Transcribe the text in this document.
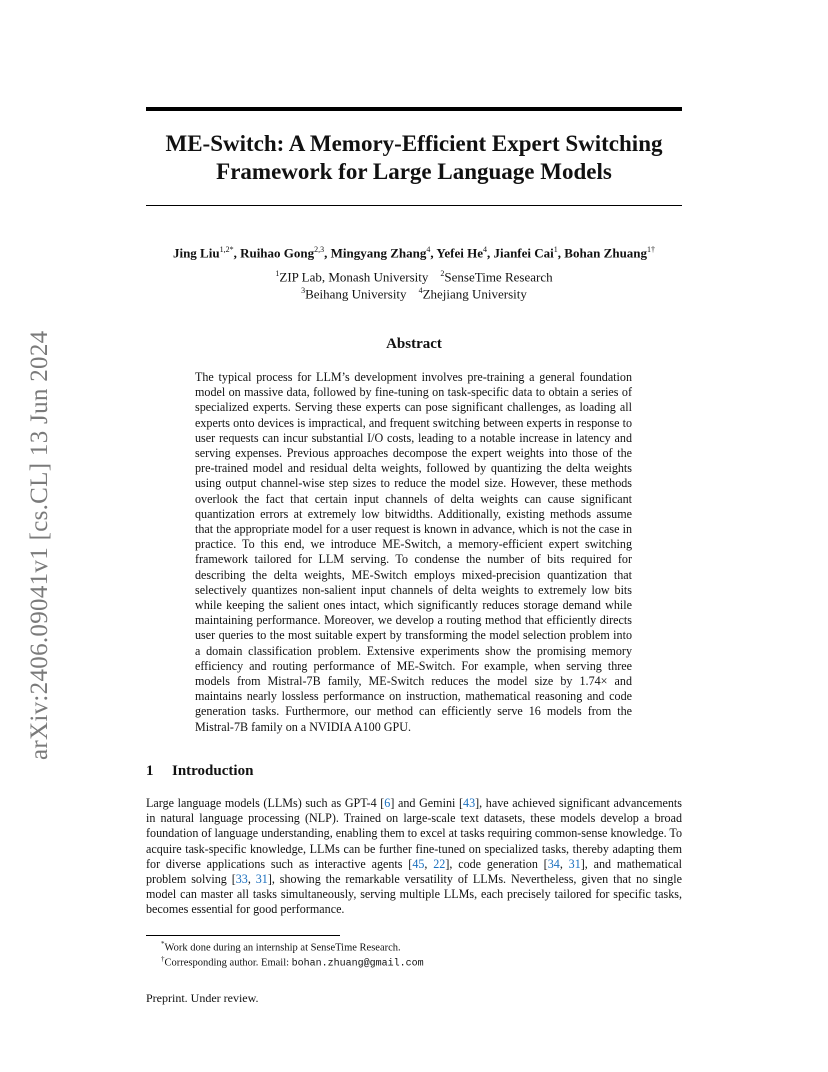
ME-Switch: A Memory-Efficient Expert Switching
Framework for Large Language Models
Jing Liu$^{1,2*}$, Ruihao Gong$^{2,3}$, Mingyang Zhang$^4$, Yefei He$^4$, Jianfei Cai$^1$, Bohan Zhuang$^{1\dagger}$
$^1$ZIP Lab, Monash University $^2$SenseTime Research
$^3$Beihang University $^4$Zhejiang University
arXiv:2406.09041v1 [cs.CL] 13 Jun 2024	Abstract

The typical process for LLM’s development involves pre-training a general foundation model on massive data, followed by fine-tuning on task-specific data to obtain a series of specialized experts. Serving these experts can pose significant challenges, as loading all experts onto devices is impractical, and frequent switching between experts in response to user requests can incur substantial I/O costs, leading to a notable increase in latency and serving expenses. Previous approaches decompose the expert weights into those of the pre-trained model and residual delta weights, followed by quantizing the delta weights using output channel-wise step sizes to reduce the model size. However, these methods overlook the fact that certain input channels of delta weights can cause significant quantization errors at extremely low bitwidths. Additionally, existing methods assume that the appropriate model for a user request is known in advance, which is not the case in practice. To this end, we introduce ME-Switch, a memory-efficient expert switching framework tailored for LLM serving. To condense the number of bits required for describing the delta weights, ME-Switch employs mixed-precision quantization that selectively quantizes non-salient input channels of delta weights to extremely low bits while keeping the salient ones intact, which significantly reduces storage demand while maintaining performance. Moreover, we develop a routing method that efficiently directs user queries to the most suitable expert by transforming the model selection problem into a domain classification problem. Extensive experiments show the promising memory efficiency and routing performance of ME-Switch. For example, when serving three models from Mistral-7B family, ME-Switch reduces the model size by 1.74× and maintains nearly lossless performance on instruction, mathematical reasoning and code generation tasks. Furthermore, our method can efficiently serve 16 models from the Mistral-7B family on a NVIDIA A100 GPU.

1 Introduction

Large language models (LLMs) such as GPT-4 [6] and Gemini [43], have achieved significant advancements in natural language processing (NLP). Trained on large-scale text datasets, these models develop a broad foundation of language understanding, enabling them to excel at tasks requiring common-sense knowledge. To acquire task-specific knowledge, LLMs can be further fine-tuned on specialized tasks, thereby adapting them for diverse applications such as interactive agents [45, 22], code generation [34, 31], and mathematical problem solving [33, 31], showing the remarkable versatility of LLMs. Nevertheless, given that no single model can master all tasks simultaneously, serving multiple LLMs, each precisely tailored for specific tasks, becomes essential for good performance.

*Work done during an internship at SenseTime Research.
†Corresponding author. Email: bohan.zhuang@gmail.com
Preprint. Under review.
